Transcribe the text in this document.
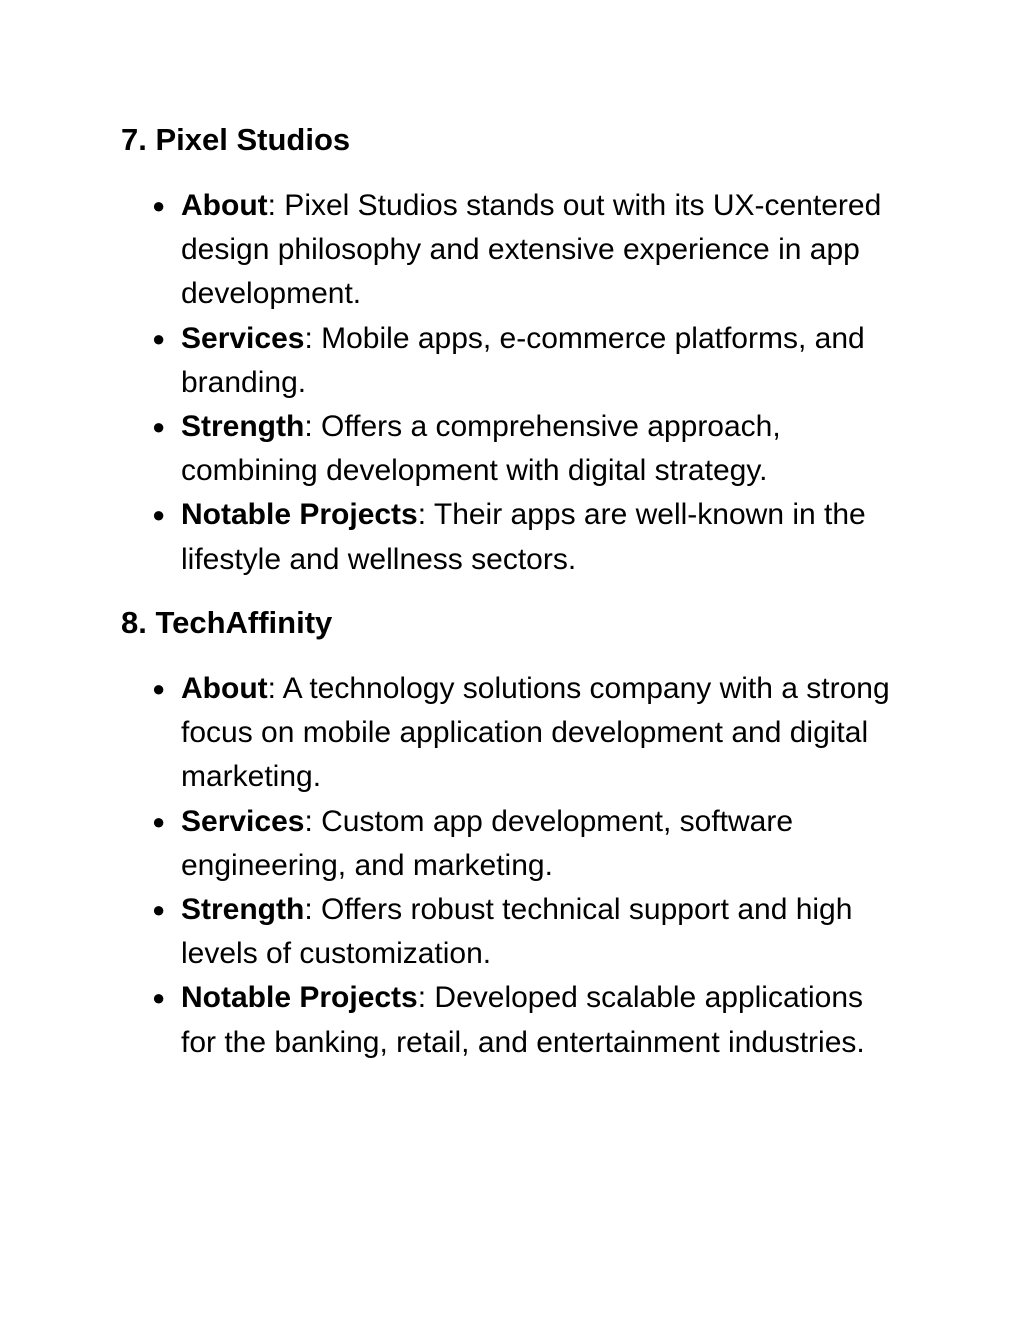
7. Pixel Studios
● About: Pixel Studios stands out with its UX-centered design philosophy and extensive experience in app development.
● Services: Mobile apps, e-commerce platforms, and branding.
● Strength: Offers a comprehensive approach, combining development with digital strategy.
● Notable Projects: Their apps are well-known in the lifestyle and wellness sectors.
8. TechAffinity
● About: A technology solutions company with a strong focus on mobile application development and digital marketing.
● Services: Custom app development, software engineering, and marketing.
● Strength: Offers robust technical support and high levels of customization.
● Notable Projects: Developed scalable applications for the banking, retail, and entertainment industries.
